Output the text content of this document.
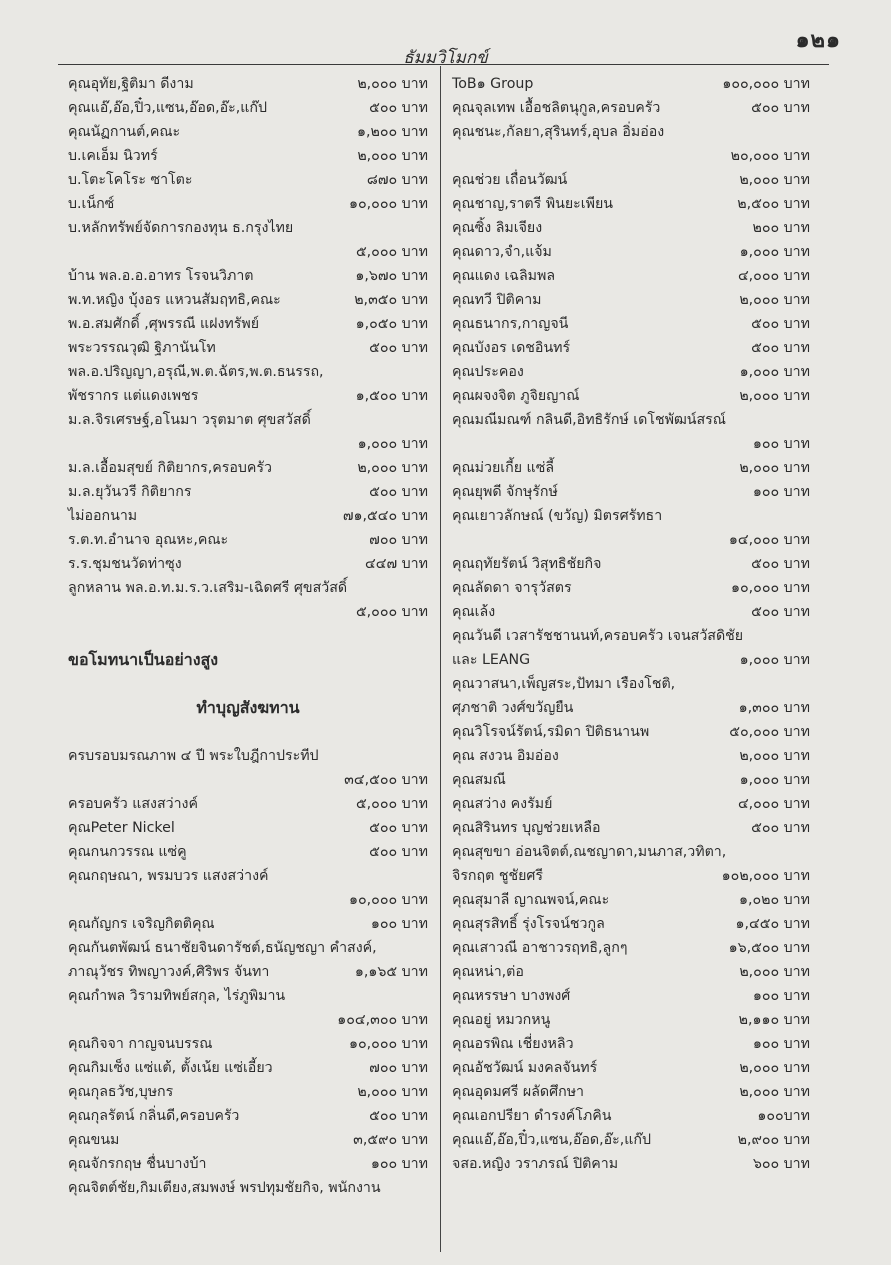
๑๒๑
ธัมมวิโมกข์
คุณอุทัย,ฐิติมา ดีงาม	๒,๐๐๐ บาท
คุณแอ๊,อ๊อ,ปิ๋ว,แซน,อ๊อด,อ๊ะ,แก๊ป	๕๐๐ บาท
คุณนัฏกานต์,คณะ	๑,๒๐๐ บาท
บ.เคเอ็ม นิวทร์	๒,๐๐๐ บาท
บ.โตะโคโระ ซาโตะ	๘๗๐ บาท
บ.เน็กซ์	๑๐,๐๐๐ บาท
บ.หลักทรัพย์จัดการกองทุน ธ.กรุงไทย
๕,๐๐๐ บาท
บ้าน พล.อ.อ.อาทร โรจนวิภาต	๑,๖๗๐ บาท
พ.ท.หญิง บุ้งอร แหวนสัมฤทธิ,คณะ	๒,๓๕๐ บาท
พ.อ.สมศักดิ์ ,ศุพรรณี แฝงทรัพย์	๑,๐๕๐ บาท
พระวรรณวุฒิ ฐิภานันโท	๕๐๐ บาท
พล.อ.ปริญญา,อรุณี,พ.ต.ฉัตร,พ.ต.ธนรรถ,
พัชรากร แต่แดงเพชร	๑,๕๐๐ บาท
ม.ล.จิรเศรษฐ์,อโนมา วรุตมาต ศุขสวัสดิ์
๑,๐๐๐ บาท
ม.ล.เอื้อมสุขย์ กิติยากร,ครอบครัว	๒,๐๐๐ บาท
ม.ล.ยุวันวรี กิติยากร	๕๐๐ บาท
ไม่ออกนาม	๗๑,๕๔๐ บาท
ร.ต.ท.อำนาจ อุณหะ,คณะ	๗๐๐ บาท
ร.ร.ชุมชนวัดท่าซุง	๔๔๗ บาท
ลูกหลาน พล.อ.ท.ม.ร.ว.เสริม-เฉิดศรี ศุขสวัสดิ์
๕,๐๐๐ บาท
ขอโมทนาเป็นอย่างสูง
ทำบุญสังฆทาน
ครบรอบมรณภาพ ๔ ปี พระใบฎีกาประทีป
๓๔,๕๐๐ บาท
ครอบครัว แสงสว่างค์	๕,๐๐๐ บาท
คุณPeter Nickel	๕๐๐ บาท
คุณกนกวรรณ แซ่คู	๕๐๐ บาท
คุณกฤษณา, พรมบวร แสงสว่างค์
๑๐,๐๐๐ บาท
คุณกัญกร เจริญกิตติคุณ	๑๐๐ บาท
คุณกันตพัฒน์ ธนาชัยจินดารัชต์,ธนัญชญา คำสงค์,
ภาณุวัชร ทิพญาวงค์,ศิริพร จันทา	๑,๑๖๕ บาท
คุณกำพล วิรามทิพย์สกุล, ไร่ภูพิมาน
๑๐๔,๓๐๐ บาท
คุณกิจจา กาญจนบรรณ	๑๐,๐๐๐ บาท
คุณกิมเซ็ง แซ่แต้, ตั้งเน้ย แซ่เอี้ยว	๗๐๐ บาท
คุณกุลธวัช,บุษกร	๒,๐๐๐ บาท
คุณกุลรัตน์ กลิ่นดี,ครอบครัว	๕๐๐ บาท
คุณขนม	๓,๕๙๐ บาท
คุณจักรกฤษ ชื่นบางบ้า	๑๐๐ บาท
คุณจิตต์ชัย,กิมเตียง,สมพงษ์ พรปทุมชัยกิจ, พนักงาน
ToB๑ Group	๑๐๐,๐๐๐ บาท
คุณจุลเทพ เอื้อชลิตนุกูล,ครอบครัว	๕๐๐ บาท
คุณชนะ,กัลยา,สุรินทร์,อุบล อิ่มอ่อง
๒๐,๐๐๐ บาท
คุณช่วย เถื่อนวัฒน์	๒,๐๐๐ บาท
คุณชาญ,ราตรี พินยะเพียน	๒,๕๐๐ บาท
คุณซิ้ง ลิมเจียง	๒๐๐ บาท
คุณดาว,จำ,แจ้ม	๑,๐๐๐ บาท
คุณแดง เฉลิมพล	๔,๐๐๐ บาท
คุณทวี ปิติคาม	๒,๐๐๐ บาท
คุณธนากร,กาญจนี	๕๐๐ บาท
คุณบังอร เดชอินทร์	๕๐๐ บาท
คุณประคอง	๑,๐๐๐ บาท
คุณผจงจิต ภูจิยญาณ์	๒,๐๐๐ บาท
คุณมณีมณฑ์ กลินดี,อิทธิรักษ์ เดโชพัฒน์สรณ์
๑๐๐ บาท
คุณม่วยเกี้ย แซ่ลี้	๒,๐๐๐ บาท
คุณยุพดี จักษุรักษ์	๑๐๐ บาท
คุณเยาวลักษณ์ (ขวัญ) มิตรศรัทธา
๑๔,๐๐๐ บาท
คุณฤทัยรัตน์ วิสุทธิชัยกิจ	๕๐๐ บาท
คุณลัดดา จารุวัสตร	๑๐,๐๐๐ บาท
คุณเล้ง	๕๐๐ บาท
คุณวันดี เวสารัชชานนท์,ครอบครัว เจนสวัสดิชัย
และ LEANG	๑,๐๐๐ บาท
คุณวาสนา,เพ็ญสระ,ปัทมา เรืองโชติ,
ศุภชาติ วงศ์ขวัญยืน	๑,๓๐๐ บาท
คุณวิโรจน์รัตน์,รมิดา ปิติธนานพ	๕๐,๐๐๐ บาท
คุณ สงวน อิมอ่อง	๒,๐๐๐ บาท
คุณสมณี	๑,๐๐๐ บาท
คุณสว่าง คงรัมย์	๔,๐๐๐ บาท
คุณสิรินทร บุญช่วยเหลือ	๕๐๐ บาท
คุณสุขขา อ่อนจิตต์,ณชญาดา,มนภาส,วทิตา,
จิรกฤต ชูชัยศรี	๑๐๒,๐๐๐ บาท
คุณสุมาลี ญาณพจน์,คณะ	๑,๐๒๐ บาท
คุณสุรสิทธิ์ รุ่งโรจน์ชวกูล	๑,๔๕๐ บาท
คุณเสาวณี อาชาวรฤทธิ,ลูกๆ	๑๖,๕๐๐ บาท
คุณหน่า,ต่อ	๒,๐๐๐ บาท
คุณหรรษา บางพงศ์	๑๐๐ บาท
คุณอยู่ หมวกหนู	๒,๑๑๐ บาท
คุณอรพิณ เชี่ยงหลิว	๑๐๐ บาท
คุณอัชวัฒน์ มงคลจันทร์	๒,๐๐๐ บาท
คุณอุดมศรี ผลัดศึกษา	๒,๐๐๐ บาท
คุณเอกปรียา ดำรงค์โภคิน	๑๐๐บาท
คุณแอ๊,อ๊อ,ปิ๋ว,แซน,อ๊อด,อ๊ะ,แก๊ป	๒,๙๐๐ บาท
จสอ.หญิง วราภรณ์ ปิติคาม	๖๐๐ บาท
